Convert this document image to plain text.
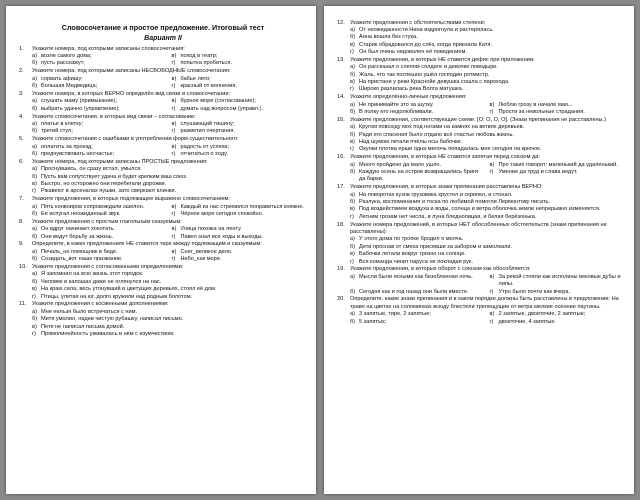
Словосочетание и простое предложение. Итоговый тест
Вариант II
1.	Укажите номера, под которыми записаны словосочетания:
а) возле самого дома;	в) поход в театр;
б) пусть расскажут;	г) попытка пробиться.
2.	Укажите номера, под которыми записаны НЕСВОБОДНЫЕ словосочетания:
а) сорвать афишу;	в) бабье лето;
б) Большая Медведица;	г) красный от волнения.
3.	Укажите номера, в которых ВЕРНО определён вид связи в словосочетании:
а) слушать маму (примыкание);	в) бурное море (согласование);
б) выбрать удачно (управление);	г) думать над вопросом (управл.).
4.	Укажите словосочетания, в которых вид связи – согласование:
а) платье в клетку;	в) слушающий тишину;
б) третий стул;	г) разметил очертания.
5.	Укажите словосочетания с ошибками в употреблении форм существительного:
а) оплатить за проезд;	в) радость от успеха;
б) предчувствовать несчастье;	г) отчитаться о ходу.
6.	Укажите номера, под которыми записаны ПРОСТЫЕ предложения:
а) Проснувшись, он сразу встал, умылся.
б) Пусть вам сопутствует удача и будет крепким ваш союз.
в) Быстро, но осторожно они перебегали дорожки.
г) Ржавеют в арсеналах пушки, зато сверкают клинки.
7.	Укажите предложения, в которых подлежащее выражено словосочетанием:
а) Пять конвоиров сопровождали эшелон.	в) Каждый из нас стремился понравиться княжне.
б) Ее испугал неожиданный звук.	г) Чёрное море сегодня спокойно.
8.	Укажите предложения с простым глагольным сказуемым:
а) Он вдруг начинает хохотать.	в) Улица похожа на ленту.
б) Они ведут борьбу за жизнь.	г) Павел знал все ходы и выходы.
9.	Определите, в каких предложениях НЕ ставится тире между подлежащим и сказуемым:
а) Печаль_не помощник в беде.	в) Снег_великое дело.
б) Созидать_вот наше призвание.	г) Небо_как море.
10. Укажите предложения с согласованными определениями:
а) Я запомнил на всю жизнь этот городок.
б) Человек в калошах даже не оглянулся на нас.
в) На краю села, весь утонувший в цветущих деревьях, стоял её дом.
г) Птицы, улетая на юг, долго кружили над родным болотом.
11.	Укажите предложения с косвенными дополнениями:
а) Мне нельзя было встречаться с ним.
б) Митя умолил, надев чистую рубашку, написал письмо.
в) Петя не написал письма домой.
г) Прямолинейность уживалась в нём с изумчеством.
12. Укажите предложения с обстоятельствами степени:
а) От неожиданности Нина вздрогнула и растерялась.
б) Анна вошла без стука.
в) Старик обрадовался до слёз, когда приехала Катя.
г) Он был очень недоволен её поведением.
13. Укажите предложения, в которых НЕ ставится дефис при приложении:
а) Он рассказал о слепом солдате и девочке поводыре.
б) Жаль, что так поспешно ушёл господин ротмистр.
в) На пристани у реки Краснойе девушка сошла с парохода.
г) Широко разлилась река Волга матушка.
14. Укажите определённо-личные предложения:
а) Не принимайте это за шутку.	в) Люблю грозу в начале мая...
б) В полку его недолюбливали.	г) Прости за невольные страдания.
15. Укажите предложения, соответствующие схеме: [О: О, О, О]. (Знаки препинания не расставлены.)
а) Кругом повсюду мох под ногами на камнях на ветвях деревьев.
б) Ради его спасения было отдано всё счастье любовь жизнь.
в) Над шумом летали пчёлы осы бабочки.
г) Окунки плотва ерши одна мелочь попадалась мне сегодня на крючок.
16. Укажите предложения, в которых НЕ ставится запятая перед союзом да:
а) Много пройдено да мало ушло.	в) Про таких говорят: маленький да удаленький.
б) Каждую осень на остров возвращались бриги да барки.
г) Умение да труд и слава ведут.
17. Укажите предложения, в которых знаки препинания расставлены ВЕРНО:
а) На поворотах кузов грузовика хрустел и скрипел, и стонал.
б) Разлука, воспоминания и тоска по любимой помогли Лермонтову писать.
в) Под воздействием воздуха и воды, солнца и ветра оболочка земли непрерывно изменяется.
г) Летним грозам нет числа, и луна бледнолицая, и белая берёзонька.
18. Укажите номера предложений, в которых НЕТ обособленных обстоятельств (знаки препинания не расставлены):
а) У этого дома по тропке бродил я молча.
б) Дети проснав от смеха присевши за забором и замолкали.
в) Бабочки летали вокруг грязно на солнце.
г) Вся команда чинит паруса не покладая рук.
19. Укажите предложения, в которых оборот с союзом как обособляется:
а) Мысли были ясными как безоблачная ночь.	в) За рекой стояли как исполины вековые дубы и липы.
б) Сегодня как и год назад они были вместе.	г) Утро было почти как вчера.
20. Определите, какие знаки препинания и в каком порядке должны быть расставлены в предложении: На траве на цветах на соломинках всюду блестели трепещущие от ветра мелкие осенние паутины.
а) 3 запятые, тире, 2 запятые;	в) 2 запятые, двоеточие, 2 запятые;
б) 5 запятых;	г) двоеточие, 4 запятые.
